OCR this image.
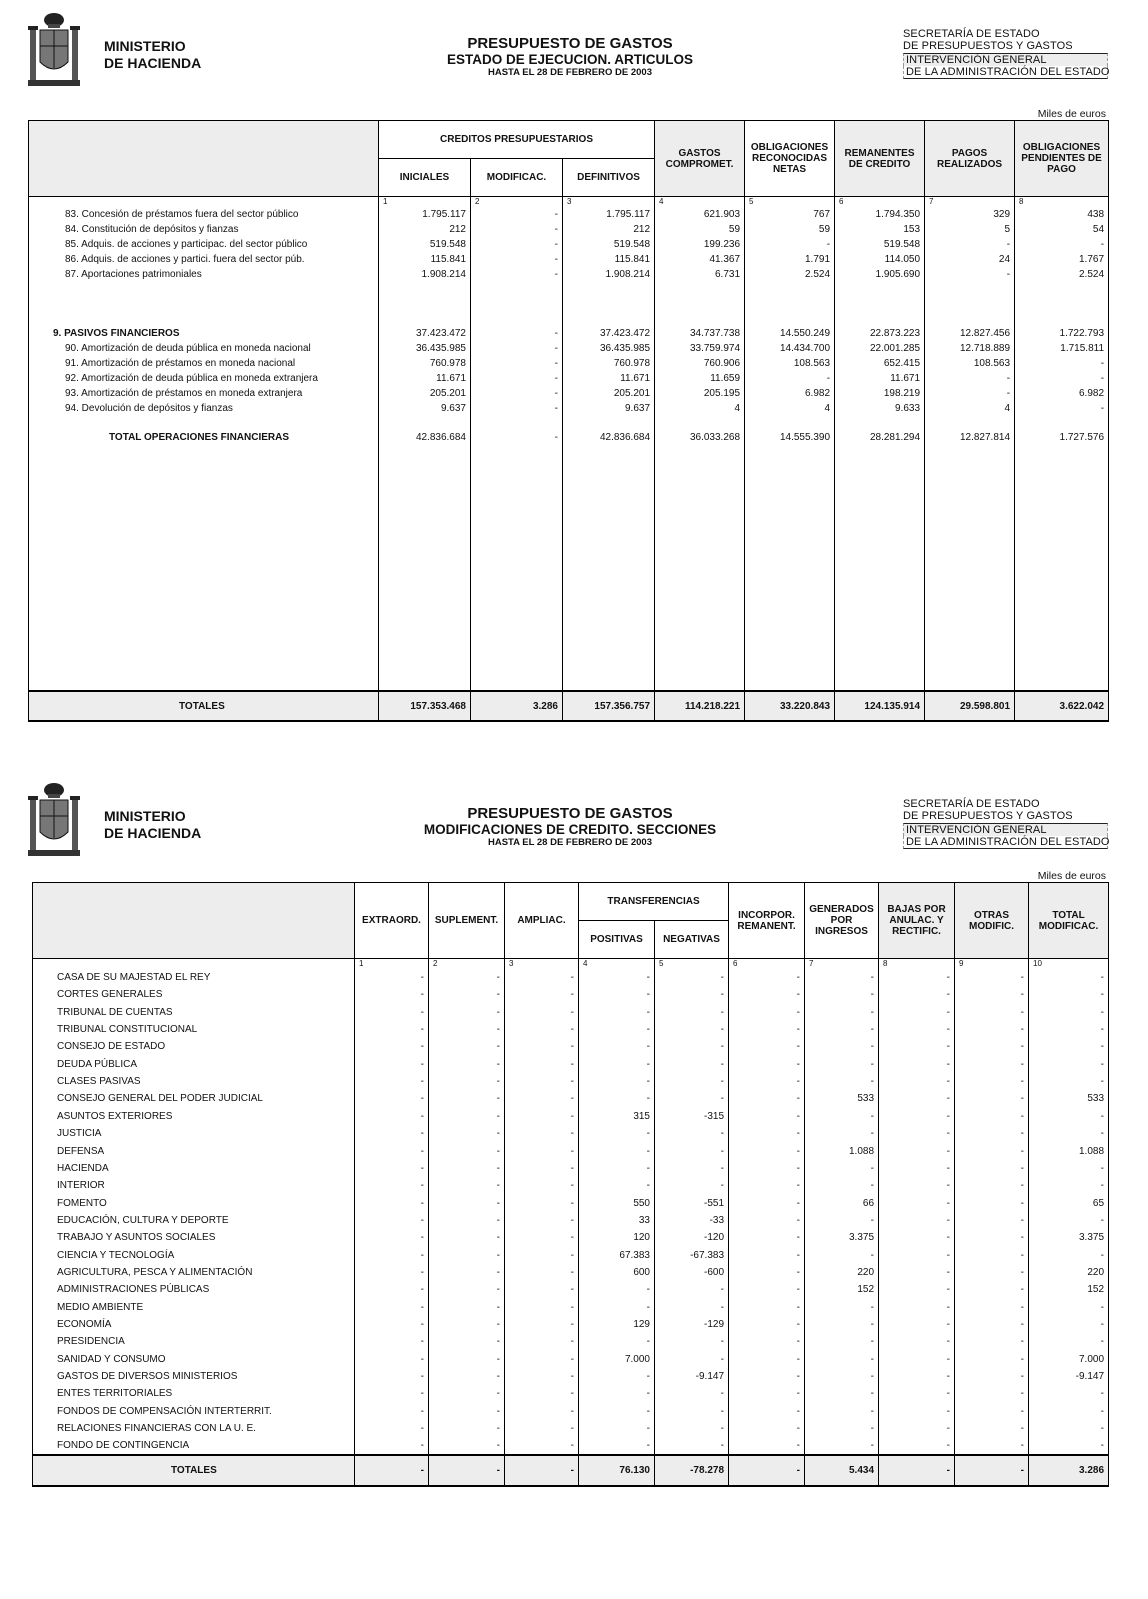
MINISTERIO
DE HACIENDA
PRESUPUESTO DE GASTOS
ESTADO DE EJECUCION. ARTICULOS
HASTA EL 28 DE FEBRERO DE 2003
SECRETARÍA DE ESTADO
DE PRESUPUESTOS Y GASTOS
INTERVENCIÓN GENERAL
DE LA ADMINISTRACIÓN DEL ESTADO
Miles de euros
	CREDITOS PRESUPUESTARIOS			GASTOS COMPROMET.	OBLIGACIONES RECONOCIDAS NETAS	REMANENTES DE CREDITO	PAGOS REALIZADOS	OBLIGACIONES PENDIENTES DE PAGO
	INICIALES	MODIFICAC.	DEFINITIVOS					
	1	2	3	4	5	6	7	8
83. Concesión de préstamos fuera del sector público	1.795.117	-	1.795.117	621.903	767	1.794.350	329	438
84. Constitución de depósitos y fianzas	212	-	212	59	59	153	5	54
85. Adquis. de acciones y participac. del sector público	519.548	-	519.548	199.236	-	519.548	-	-
86. Adquis. de acciones y partici. fuera del sector púb.	115.841	-	115.841	41.367	1.791	114.050	24	1.767
87. Aportaciones patrimoniales	1.908.214	-	1.908.214	6.731	2.524	1.905.690	-	2.524

9. PASIVOS FINANCIEROS	37.423.472	-	37.423.472	34.737.738	14.550.249	22.873.223	12.827.456	1.722.793
90. Amortización de deuda pública en moneda nacional	36.435.985	-	36.435.985	33.759.974	14.434.700	22.001.285	12.718.889	1.715.811
91. Amortización de préstamos en moneda nacional	760.978	-	760.978	760.906	108.563	652.415	108.563	-
92. Amortización de deuda pública en moneda extranjera	11.671	-	11.671	11.659	-	11.671	-	-
93. Amortización de préstamos en moneda extranjera	205.201	-	205.201	205.195	6.982	198.219	-	6.982
94. Devolución de depósitos y fianzas	9.637	-	9.637	4	4	9.633	4	-

TOTAL OPERACIONES FINANCIERAS	42.836.684	-	42.836.684	36.033.268	14.555.390	28.281.294	12.827.814	1.727.576

TOTALES	157.353.468	3.286	157.356.757	114.218.221	33.220.843	124.135.914	29.598.801	3.622.042
MINISTERIO
DE HACIENDA
PRESUPUESTO DE GASTOS
MODIFICACIONES DE CREDITO. SECCIONES
HASTA EL 28 DE FEBRERO DE 2003
SECRETARÍA DE ESTADO
DE PRESUPUESTOS Y GASTOS
INTERVENCIÓN GENERAL
DE LA ADMINISTRACIÓN DEL ESTADO
Miles de euros
	EXTRAORD.	SUPLEMENT.	AMPLIAC.	TRANSFERENCIAS		INCORPOR. REMANENT.	GENERADOS POR INGRESOS	BAJAS POR ANULAC. Y RECTIFIC.	OTRAS MODIFIC.	TOTAL MODIFICAC.
				POSITIVAS	NEGATIVAS					
	1	2	3	4	5	6	7	8	9	10
CASA DE SU MAJESTAD EL REY	-	-	-	-	-	-	-	-	-	-
CORTES GENERALES	-	-	-	-	-	-	-	-	-	-
TRIBUNAL DE CUENTAS	-	-	-	-	-	-	-	-	-	-
TRIBUNAL CONSTITUCIONAL	-	-	-	-	-	-	-	-	-	-
CONSEJO DE ESTADO	-	-	-	-	-	-	-	-	-	-
DEUDA PÚBLICA	-	-	-	-	-	-	-	-	-	-
CLASES PASIVAS	-	-	-	-	-	-	-	-	-	-
CONSEJO GENERAL DEL PODER JUDICIAL	-	-	-	-	-	-	533	-	-	533
ASUNTOS EXTERIORES	-	-	-	315	-315	-	-	-	-	-
JUSTICIA	-	-	-	-	-	-	-	-	-	-
DEFENSA	-	-	-	-	-	-	1.088	-	-	1.088
HACIENDA	-	-	-	-	-	-	-	-	-	-
INTERIOR	-	-	-	-	-	-	-	-	-	-
FOMENTO	-	-	-	550	-551	-	66	-	-	65
EDUCACIÓN, CULTURA Y DEPORTE	-	-	-	33	-33	-	-	-	-	-
TRABAJO Y ASUNTOS SOCIALES	-	-	-	120	-120	-	3.375	-	-	3.375
CIENCIA Y TECNOLOGÍA	-	-	-	67.383	-67.383	-	-	-	-	-
AGRICULTURA, PESCA Y ALIMENTACIÓN	-	-	-	600	-600	-	220	-	-	220
ADMINISTRACIONES PÚBLICAS	-	-	-	-	-	-	152	-	-	152
MEDIO AMBIENTE	-	-	-	-	-	-	-	-	-	-
ECONOMÍA	-	-	-	129	-129	-	-	-	-	-
PRESIDENCIA	-	-	-	-	-	-	-	-	-	-
SANIDAD Y CONSUMO	-	-	-	7.000	-	-	-	-	-	7.000
GASTOS DE DIVERSOS MINISTERIOS	-	-	-	-	-9.147	-	-	-	-	-9.147
ENTES TERRITORIALES	-	-	-	-	-	-	-	-	-	-
FONDOS DE COMPENSACIÓN INTERTERRIT.	-	-	-	-	-	-	-	-	-	-
RELACIONES FINANCIERAS CON LA U. E.	-	-	-	-	-	-	-	-	-	-
FONDO DE CONTINGENCIA	-	-	-	-	-	-	-	-	-	-
TOTALES	-	-	-	76.130	-78.278	-	5.434	-	-	3.286
